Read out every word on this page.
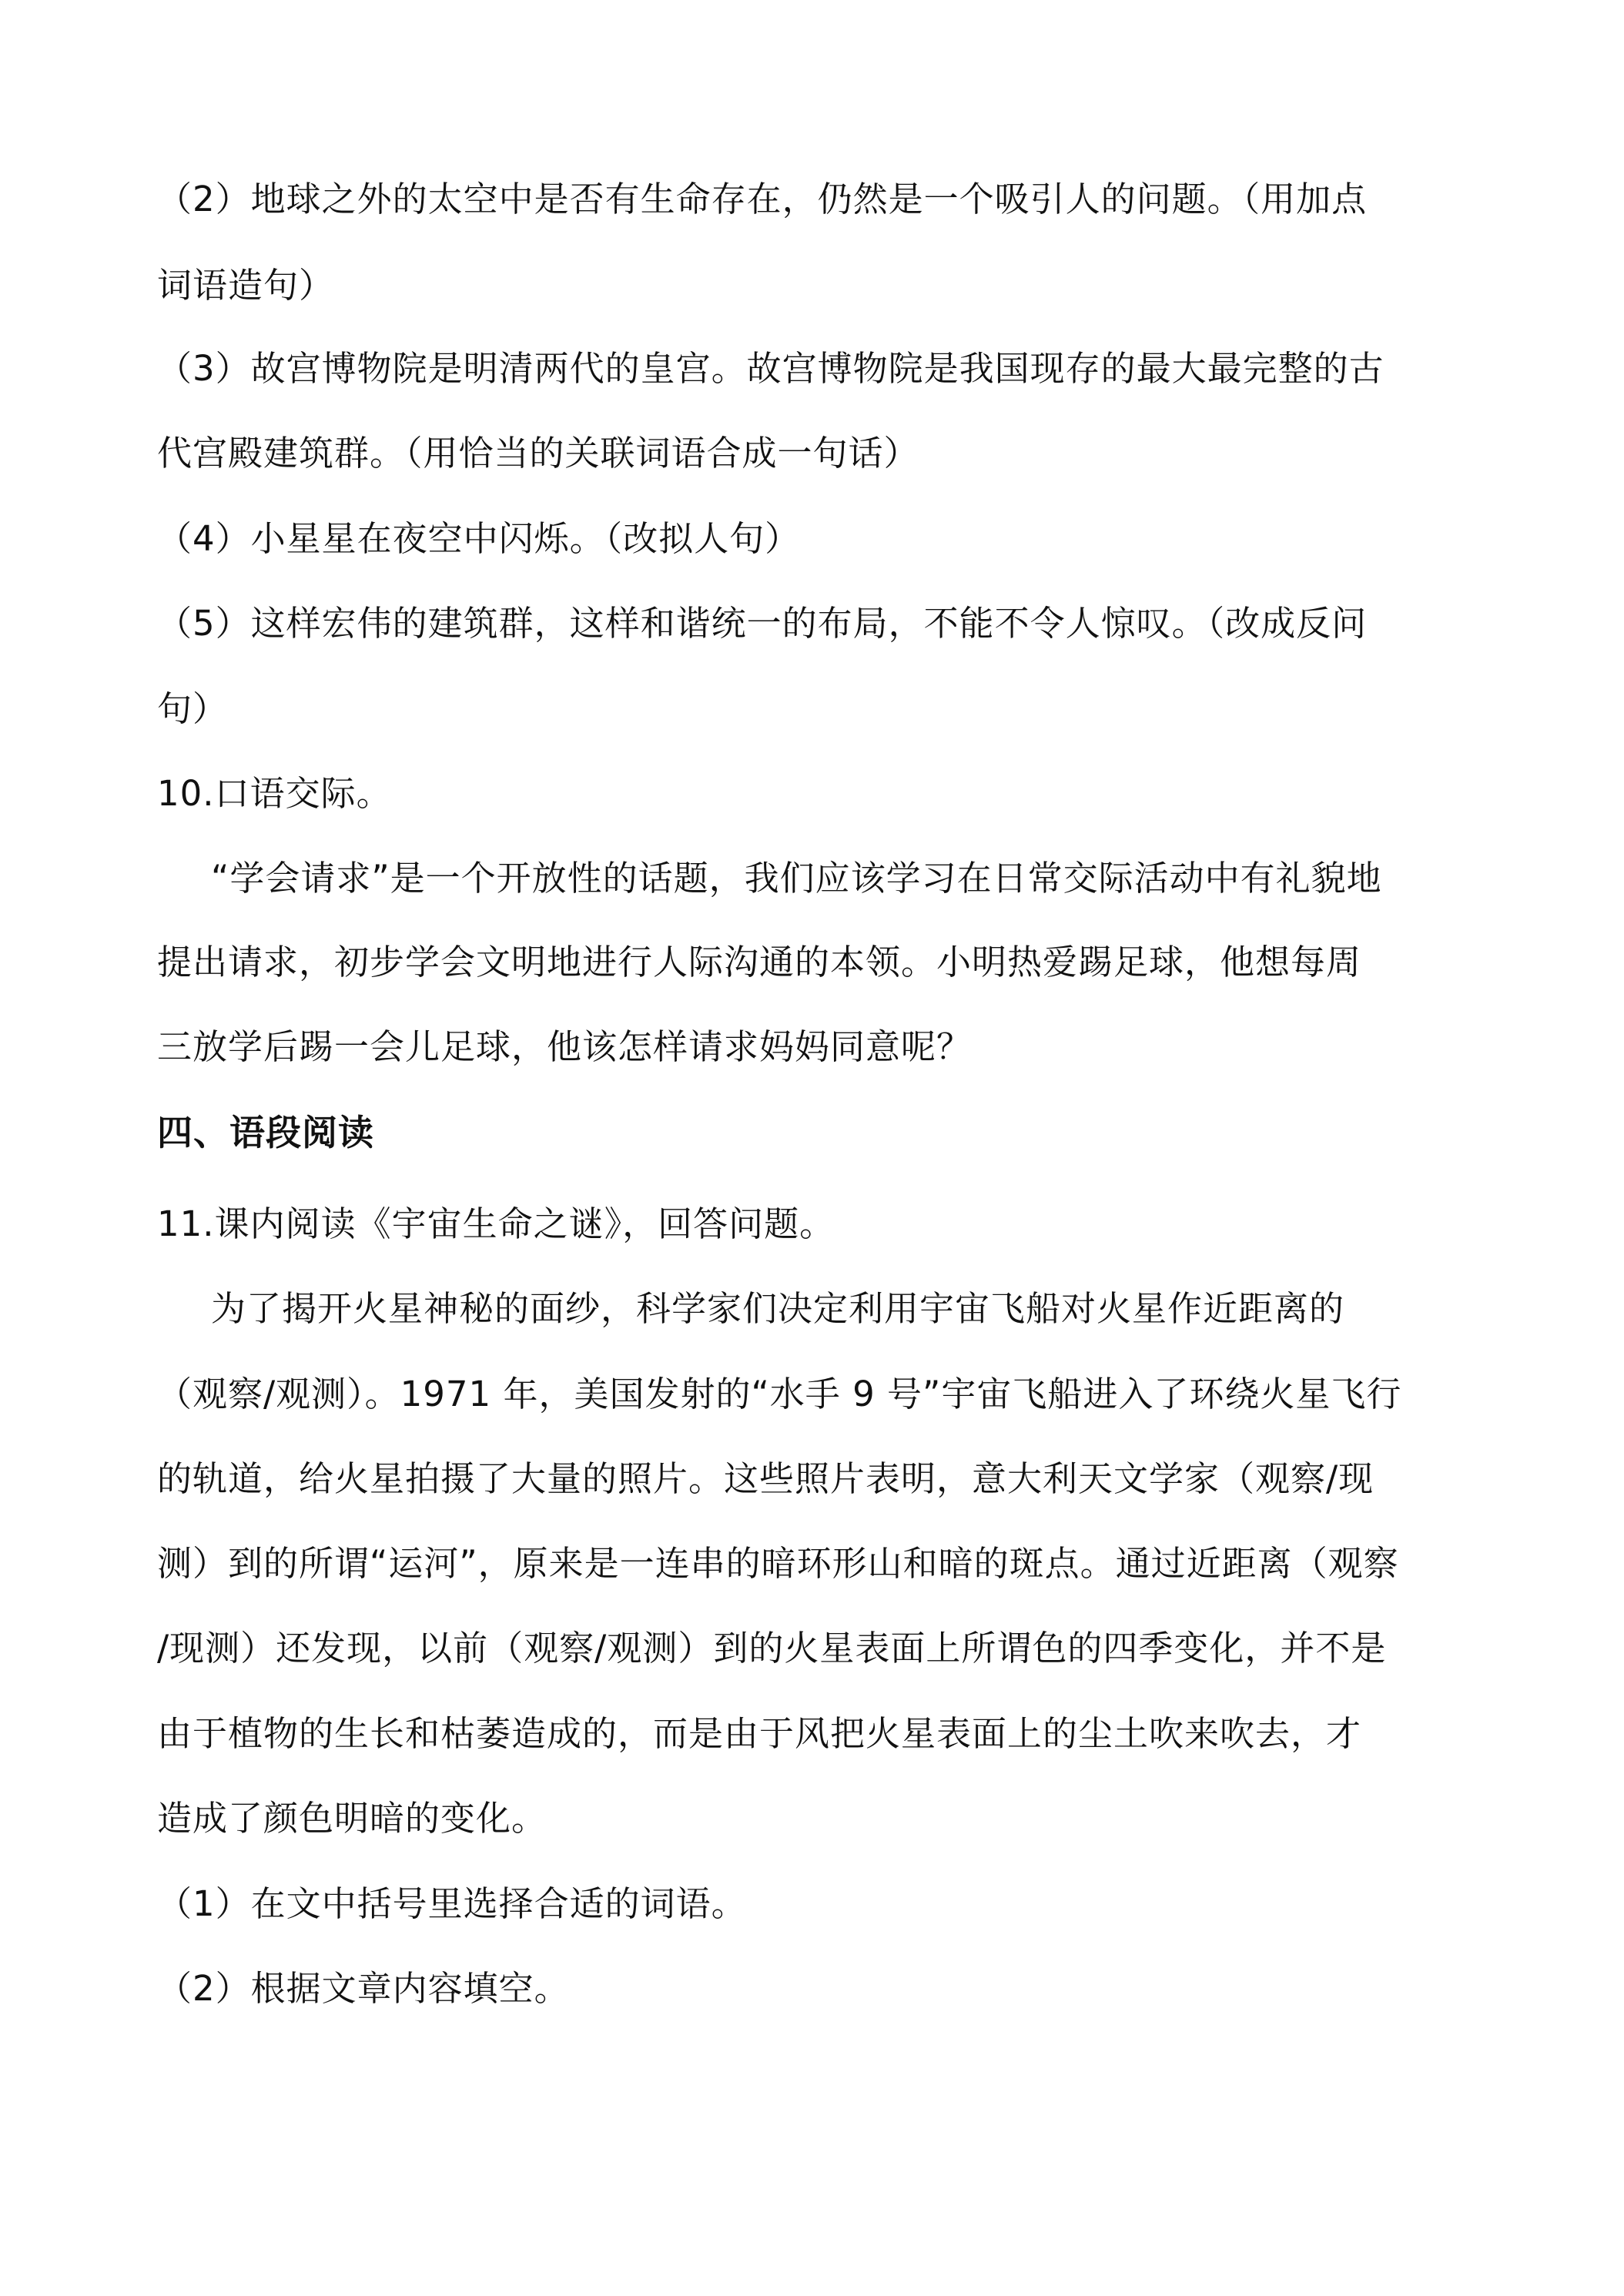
（2）地球之外的太空中是否有生命存在，仍然是一个吸引人的问题。（用加点
词语造句）
（3）故宫博物院是明清两代的皇宫。故宫博物院是我国现存的最大最完整的古
代宫殿建筑群。（用恰当的关联词语合成一句话）
（4）小星星在夜空中闪烁。（改拟人句）
（5）这样宏伟的建筑群，这样和谐统一的布局，不能不令人惊叹。（改成反问
句）
10.口语交际。
“学会请求”是一个开放性的话题，我们应该学习在日常交际活动中有礼貌地
提出请求，初步学会文明地进行人际沟通的本领。小明热爱踢足球，他想每周
三放学后踢一会儿足球，他该怎样请求妈妈同意呢？
四、语段阅读
11.课内阅读《宇宙生命之谜》，回答问题。
为了揭开火星神秘的面纱，科学家们决定利用宇宙飞船对火星作近距离的
（观察/观测）。1971 年，美国发射的“水手 9 号”宇宙飞船进入了环绕火星飞行
的轨道，给火星拍摄了大量的照片。这些照片表明，意大利天文学家（观察/现
测）到的所谓“运河”，原来是一连串的暗环形山和暗的斑点。通过近距离（观察
/现测）还发现，以前（观察/观测）到的火星表面上所谓色的四季变化，并不是
由于植物的生长和枯萎造成的，而是由于风把火星表面上的尘土吹来吹去，才
造成了颜色明暗的变化。
（1）在文中括号里选择合适的词语。
（2）根据文章内容填空。
